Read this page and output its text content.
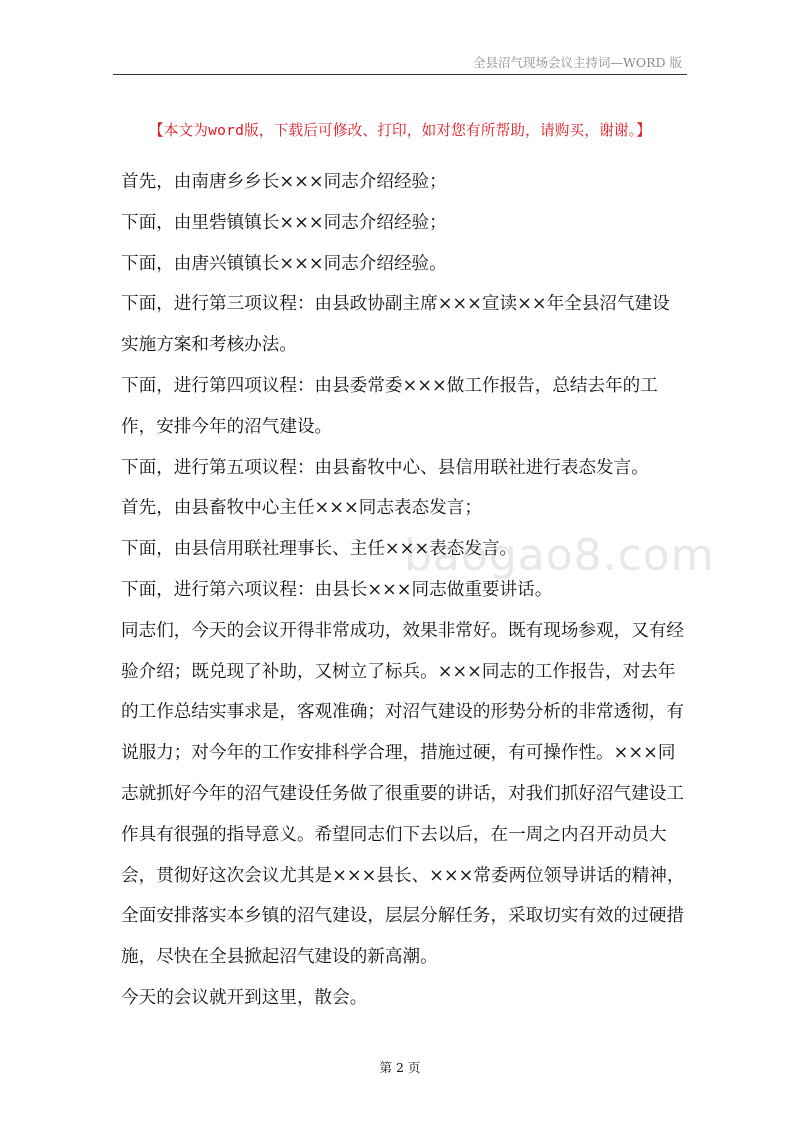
全县沼气现场会议主持词—WORD 版
【本文为word版，下载后可修改、打印，如对您有所帮助，请购买，谢谢。】
baogao8.com

首先，由南唐乡乡长×××同志介绍经验；

下面，由里砦镇镇长×××同志介绍经验；

下面，由唐兴镇镇长×××同志介绍经验。

下面，进行第三项议程：由县政协副主席×××宣读××年全县沼气建设实施方案和考核办法。

下面，进行第四项议程：由县委常委×××做工作报告，总结去年的工作，安排今年的沼气建设。

下面，进行第五项议程：由县畜牧中心、县信用联社进行表态发言。

首先，由县畜牧中心主任×××同志表态发言；

下面，由县信用联社理事长、主任×××表态发言。

下面，进行第六项议程：由县长×××同志做重要讲话。

同志们，今天的会议开得非常成功，效果非常好。既有现场参观，又有经验介绍；既兑现了补助，又树立了标兵。×××同志的工作报告，对去年的工作总结实事求是，客观准确；对沼气建设的形势分析的非常透彻，有说服力；对今年的工作安排科学合理，措施过硬，有可操作性。×××同志就抓好今年的沼气建设任务做了很重要的讲话，对我们抓好沼气建设工作具有很强的指导意义。希望同志们下去以后，在一周之内召开动员大会，贯彻好这次会议尤其是×××县长、×××常委两位领导讲话的精神，全面安排落实本乡镇的沼气建设，层层分解任务，采取切实有效的过硬措施，尽快在全县掀起沼气建设的新高潮。

今天的会议就开到这里，散会。

第 2 页
